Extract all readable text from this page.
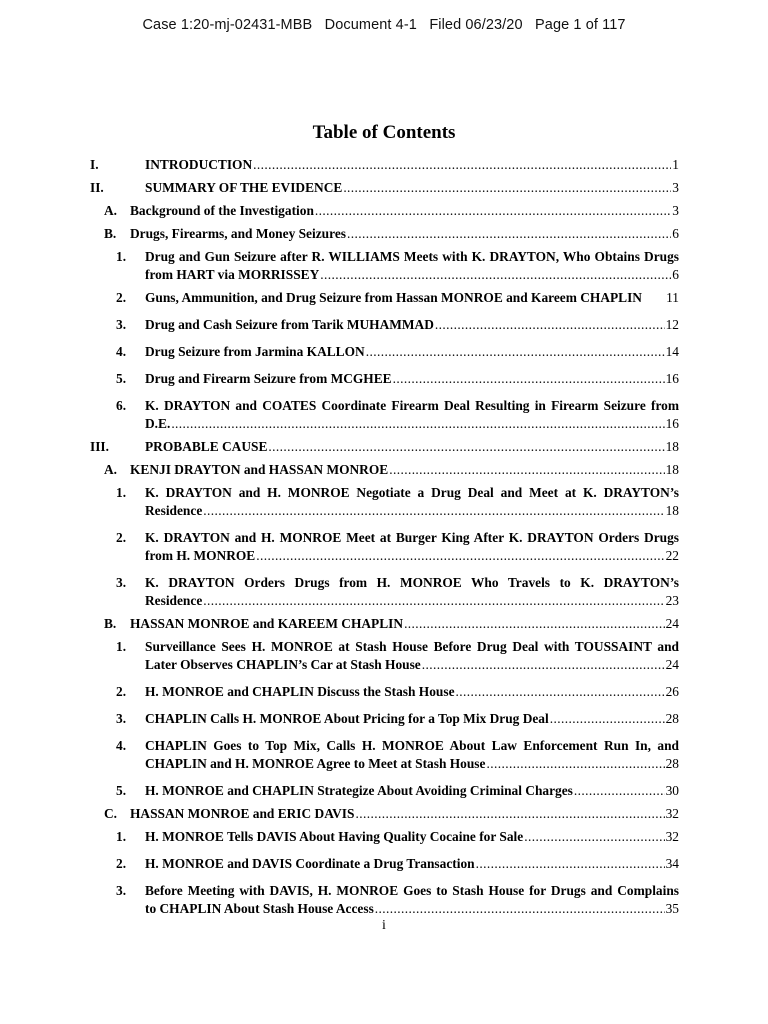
Case 1:20-mj-02431-MBB   Document 4-1   Filed 06/23/20   Page 1 of 117
Table of Contents
I.	INTRODUCTION .....	1
II.	SUMMARY OF THE EVIDENCE .....	3
A. Background of the Investigation .....	3
B.	Drugs, Firearms, and Money Seizures .....	6
1.	Drug and Gun Seizure after R. WILLIAMS Meets with K. DRAYTON, Who Obtains Drugs
from HART via MORRISSEY .....	6
2.	Guns, Ammunition, and Drug Seizure from Hassan MONROE and Kareem CHAPLIN 11
3.	Drug and Cash Seizure from Tarik MUHAMMAD .....	12
4.	Drug Seizure from Jarmina KALLON .....	14
5.	Drug and Firearm Seizure from MCGHEE .....	16
6.	K. DRAYTON and COATES Coordinate Firearm Deal Resulting in Firearm Seizure from
D.E. .....	16
III.	PROBABLE CAUSE .....	18
A. KENJI DRAYTON and HASSAN MONROE .....	18
1.	K. DRAYTON and H. MONROE Negotiate a Drug Deal and Meet at K. DRAYTON’s
Residence .....	18
2.	K. DRAYTON and H. MONROE Meet at Burger King After K. DRAYTON Orders Drugs
from H. MONROE .....	22
3.	K. DRAYTON Orders Drugs from H. MONROE Who Travels to K. DRAYTON’s
Residence .....	23
B.	HASSAN MONROE and KAREEM CHAPLIN .....	24
1.	Surveillance Sees H. MONROE at Stash House Before Drug Deal with TOUSSAINT and
Later Observes CHAPLIN’s Car at Stash House .....	24
2.	H. MONROE and CHAPLIN Discuss the Stash House .....	26
3.	CHAPLIN Calls H. MONROE About Pricing for a Top Mix Drug Deal .....	28
4.	CHAPLIN Goes to Top Mix, Calls H. MONROE About Law Enforcement Run In, and
CHAPLIN and H. MONROE Agree to Meet at Stash House .....	28
5.	H. MONROE and CHAPLIN Strategize About Avoiding Criminal Charges .....	30
C. HASSAN MONROE and ERIC DAVIS .....	32
1.	H. MONROE Tells DAVIS About Having Quality Cocaine for Sale .....	32
2.	H. MONROE and DAVIS Coordinate a Drug Transaction .....	34
3.	Before Meeting with DAVIS, H. MONROE Goes to Stash House for Drugs and Complains
to CHAPLIN About Stash House Access .....	35
i
